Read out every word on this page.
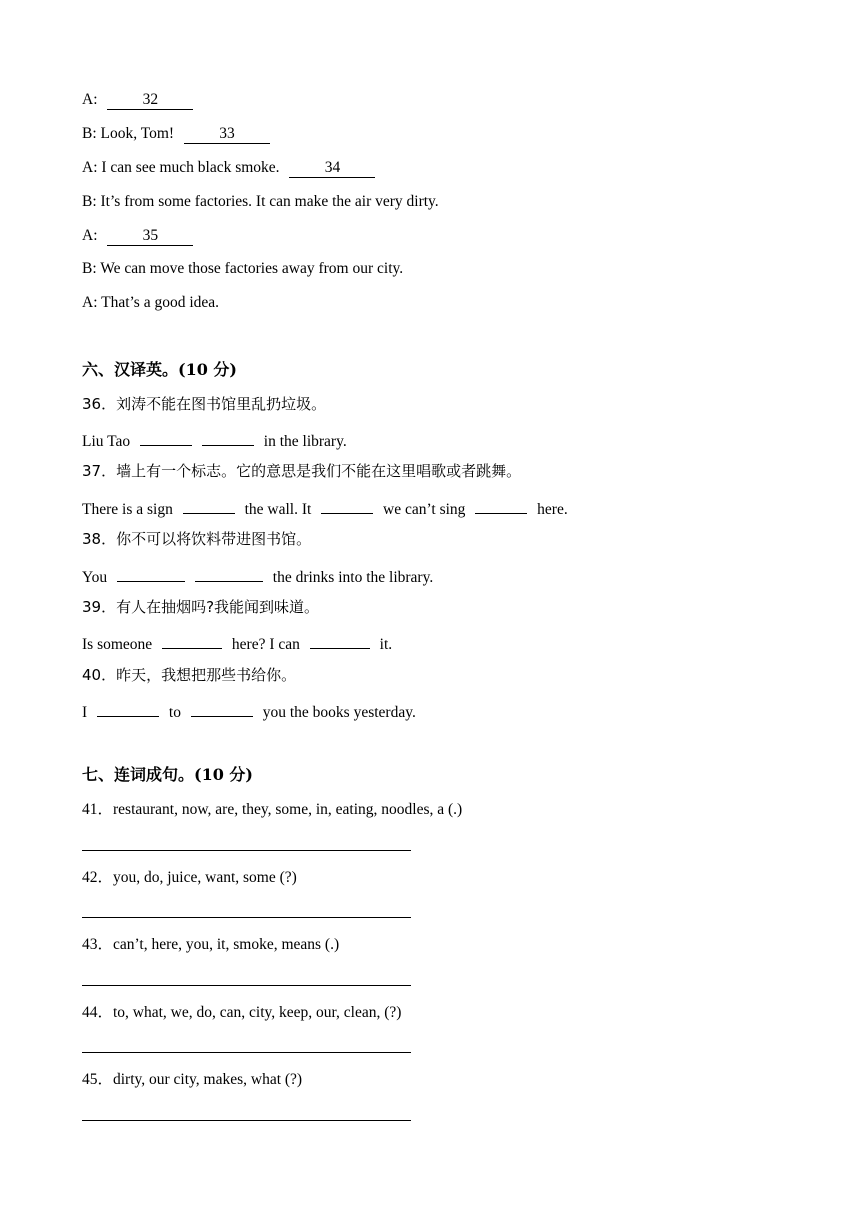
A:	32
B: Look, Tom!	33
A: I can see much black smoke.	34
B: It’s from some factories. It can make the air very dirty.
A:	35
B: We can move those factories away from our city.
A: That’s a good idea.
六、汉译英。(10 分)
36．刘涛不能在图书馆里乱扔垃圾。
Liu Tao	in the library.
37．墙上有一个标志。它的意思是我们不能在这里唱歌或者跳舞。
There is a sign	the wall. It	we can’t sing	here.
38．你不可以将饮料带进图书馆。
You	the drinks into the library.
39．有人在抽烟吗?我能闻到味道。
Is someone	here? I can	it.
40．昨天，我想把那些书给你。
I	to	you the books yesterday.
七、连词成句。(10 分)
41．restaurant, now, are, they, some, in, eating, noodles, a (.)
42．you, do, juice, want, some (?)
43．can’t, here, you, it, smoke, means (.)
44．to, what, we, do, can, city, keep, our, clean, (?)
45．dirty, our city, makes, what (?)
